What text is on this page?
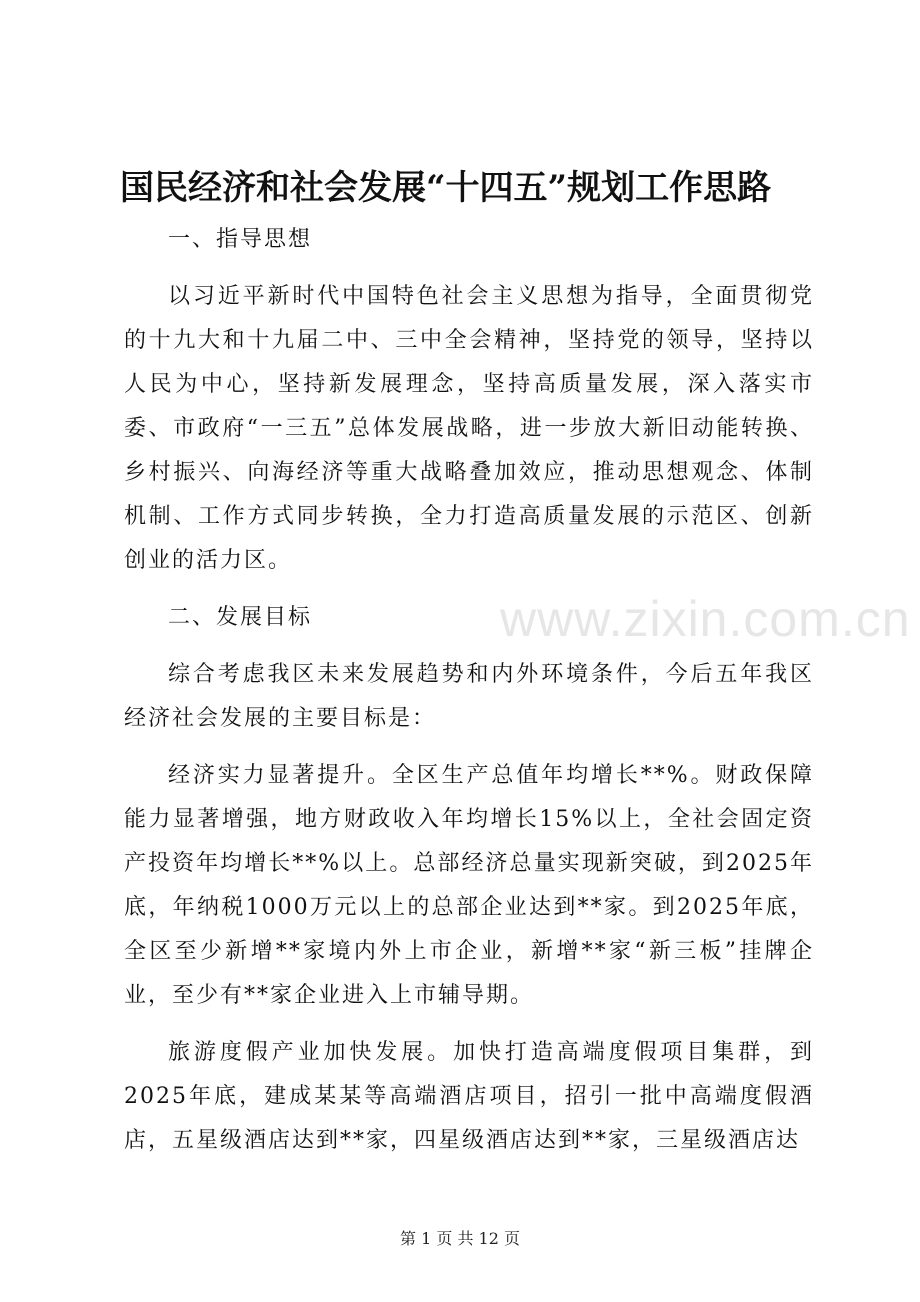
国民经济和社会发展“十四五”规划工作思路

一、指导思想

以习近平新时代中国特色社会主义思想为指导，全面贯彻党的十九大和十九届二中、三中全会精神，坚持党的领导，坚持以人民为中心，坚持新发展理念，坚持高质量发展，深入落实市委、市政府“一三五”总体发展战略，进一步放大新旧动能转换、乡村振兴、向海经济等重大战略叠加效应，推动思想观念、体制机制、工作方式同步转换，全力打造高质量发展的示范区、创新创业的活力区。

二、发展目标

综合考虑我区未来发展趋势和内外环境条件，今后五年我区经济社会发展的主要目标是：

经济实力显著提升。全区生产总值年均增长**%。财政保障能力显著增强，地方财政收入年均增长15%以上，全社会固定资产投资年均增长**%以上。总部经济总量实现新突破，到2025年底，年纳税1000万元以上的总部企业达到**家。到2025年底，全区至少新增**家境内外上市企业，新增**家“新三板”挂牌企业，至少有**家企业进入上市辅导期。

旅游度假产业加快发展。加快打造高端度假项目集群，到2025年底，建成某某等高端酒店项目，招引一批中高端度假酒店，五星级酒店达到**家，四星级酒店达到**家，三星级酒店达

www.zixin.com.cn
第 1 页 共 12 页
